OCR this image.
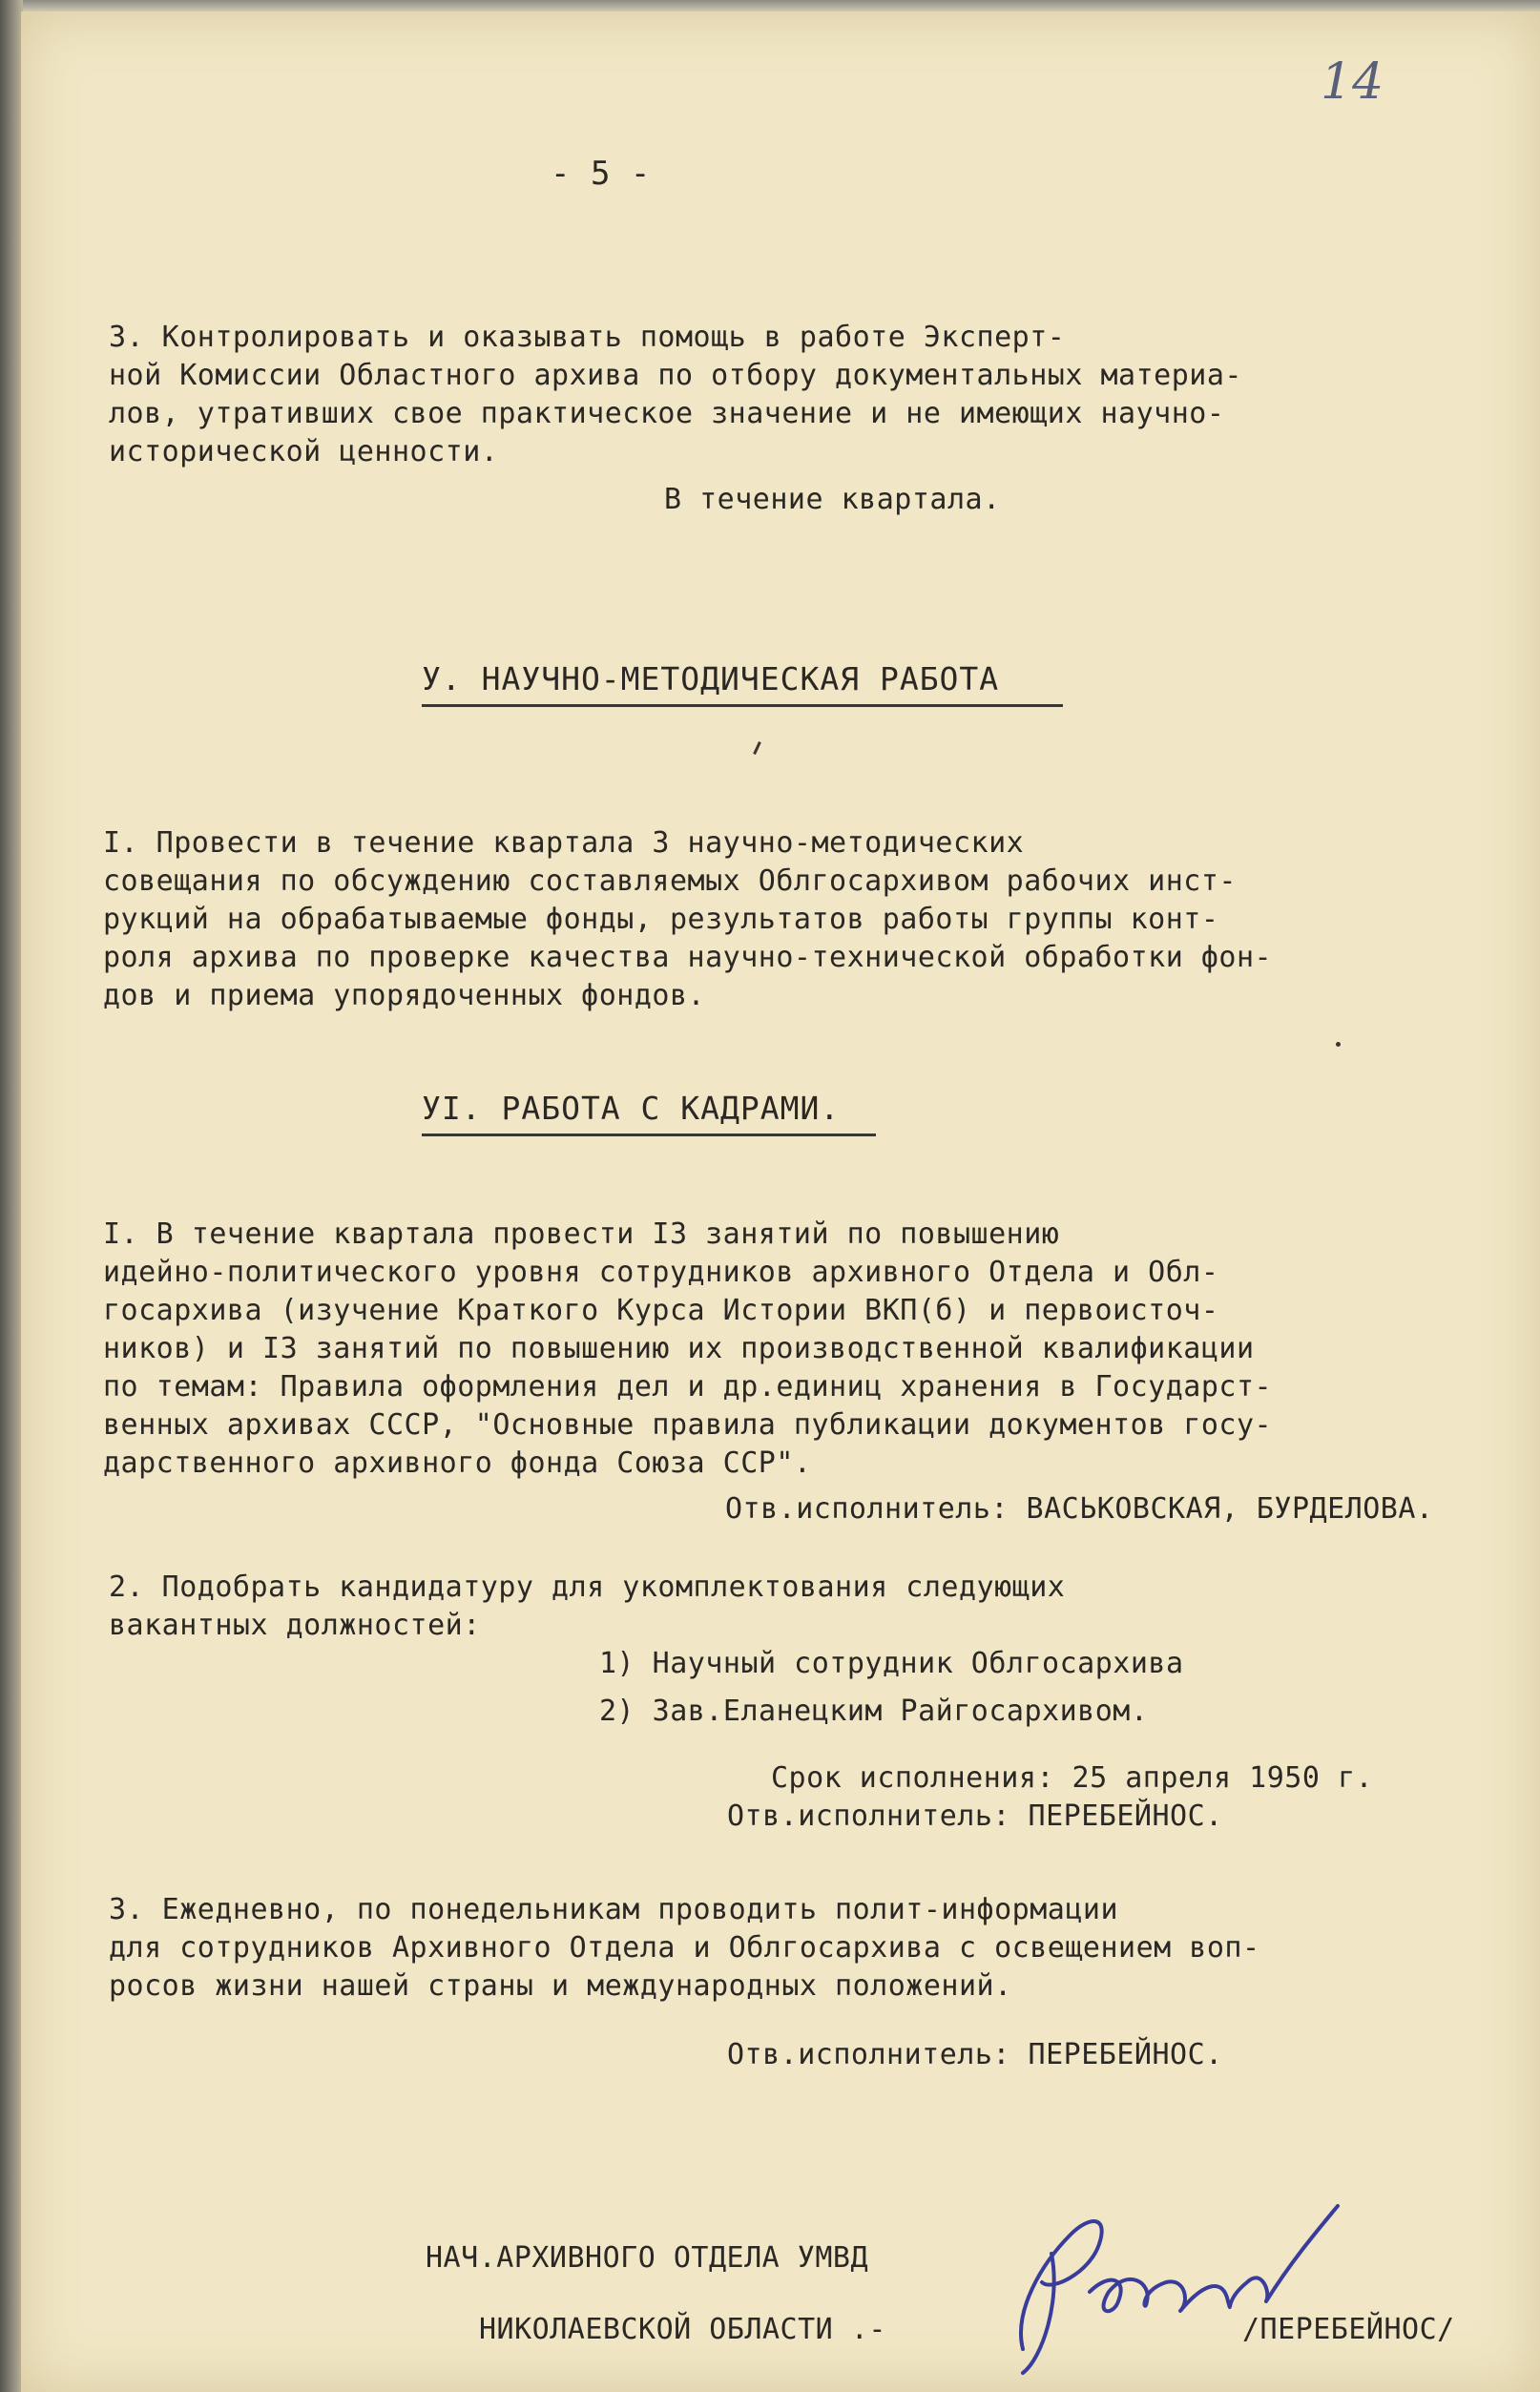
14

- 5 -

3. Контролировать и оказывать помощь в работе Эксперт-
ной Комиссии Областного архива по отбору документальных материа-
лов, утративших свое практическое значение и не имеющих научно-
исторической ценности.

В течение квартала.

У. НАУЧНО-МЕТОДИЧЕСКАЯ РАБОТА

I. Провести в течение квартала 3 научно-методических
совещания по обсуждению составляемых Облгосархивом рабочих инст-
рукций на обрабатываемые фонды, результатов работы группы конт-
роля архива по проверке качества научно-технической обработки фон-
дов и приема упорядоченных фондов.

УI. РАБОТА С КАДРАМИ.

I. В течение квартала провести I3 занятий по повышению
идейно-политического уровня сотрудников архивного Отдела и Обл-
госархива (изучение Краткого Курса Истории ВКП(б) и первоисточ-
ников) и I3 занятий по повышению их производственной квалификации
по темам: Правила оформления дел и др.единиц хранения в Государст-
венных архивах СССР, "Основные правила публикации документов госу-
дарственного архивного фонда Союза ССР".

Отв.исполнитель: ВАСЬКОВСКАЯ, БУРДЕЛОВА.

2. Подобрать кандидатуру для укомплектования следующих
вакантных должностей:

1) Научный сотрудник Облгосархива

2) Зав.Еланецким Райгосархивом.

Срок исполнения: 25 апреля 1950 г.

Отв.исполнитель: ПЕРЕБЕЙНОС.

3. Ежедневно, по понедельникам проводить полит-информации
для сотрудников Архивного Отдела и Облгосархива с освещением воп-
росов жизни нашей страны и международных положений.

Отв.исполнитель: ПЕРЕБЕЙНОС.

НАЧ.АРХИВНОГО ОТДЕЛА УМВД

НИКОЛАЕВСКОЙ ОБЛАСТИ .-	/ПЕРЕБЕЙНОС/
